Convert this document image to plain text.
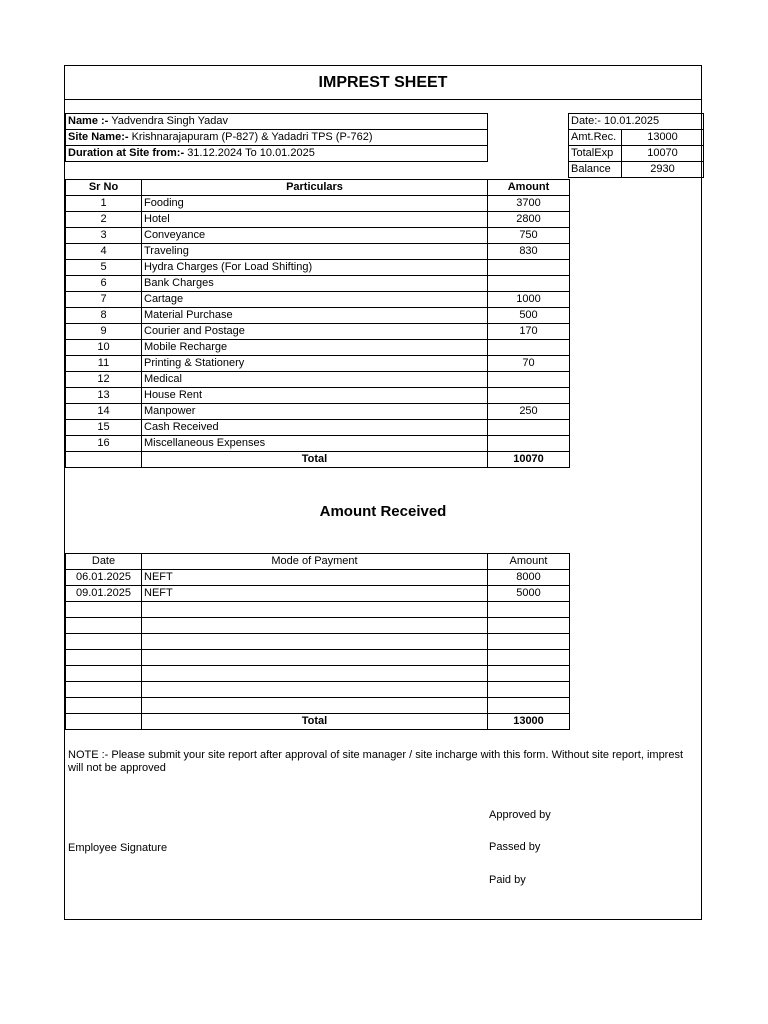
IMPREST SHEET
Name :- Yadvendra Singh Yadav
Site Name:- Krishnarajapuram (P-827) & Yadadri TPS (P-762)
Duration at Site from:- 31.12.2024 To 10.01.2025
Date:- 10.01.2025	
Amt.Rec.	13000
TotalExp	10070
Balance	2930
Sr No	Particulars	Amount
1	Fooding	3700
2	Hotel	2800
3	Conveyance	750
4	Traveling	830
5	Hydra Charges (For Load Shifting)	
6	Bank Charges	
7	Cartage	1000
8	Material Purchase	500
9	Courier and Postage	170
10	Mobile Recharge	
11	Printing & Stationery	70
12	Medical	
13	House Rent	
14	Manpower	250
15	Cash Received	
16	Miscellaneous Expenses	
	Total	10070
Amount Received
Date	Mode of Payment	Amount
06.01.2025	NEFT	8000
09.01.2025	NEFT	5000

	Total	13000
NOTE :- Please submit your site report after approval of site manager / site incharge with this form. Without site report, imprest will not be approved
Approved by
Employee Signature	Passed by
Paid by
